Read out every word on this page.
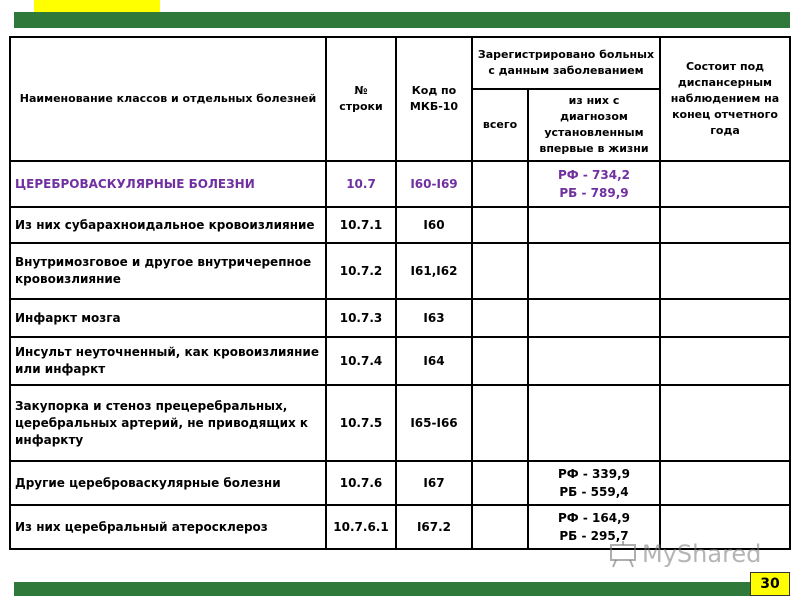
Наименование классов и отдельных болезней	№ строки	Код по МКБ-10	Зарегистрировано больных с данным заболеванием		Состоит под диспансерным наблюдением на конец отчетного года
			всего	из них с диагнозом установленным впервые в жизни	
ЦЕРЕБРОВАСКУЛЯРНЫЕ БОЛЕЗНИ	10.7	I60-I69		РФ - 734,2
РБ - 789,9	

Из них субарахноидальное кровоизлияние	10.7.1	I60			
Внутримозговое и другое внутричерепное кровоизлияние	10.7.2	I61,I62			
Инфаркт мозга	10.7.3	I63			
Инсульт неуточненный, как кровоизлияние или инфаркт	10.7.4	I64			
Закупорка и стеноз прецеребральных, церебральных артерий, не приводящих к инфаркту	10.7.5	I65-I66			
Другие цереброваскулярные болезни	10.7.6	I67		РФ - 339,9
РБ - 559,4	

Из них церебральный атеросклероз	10.7.6.1	I67.2		РФ - 164,9
РБ - 295,7	

MyShared
30
